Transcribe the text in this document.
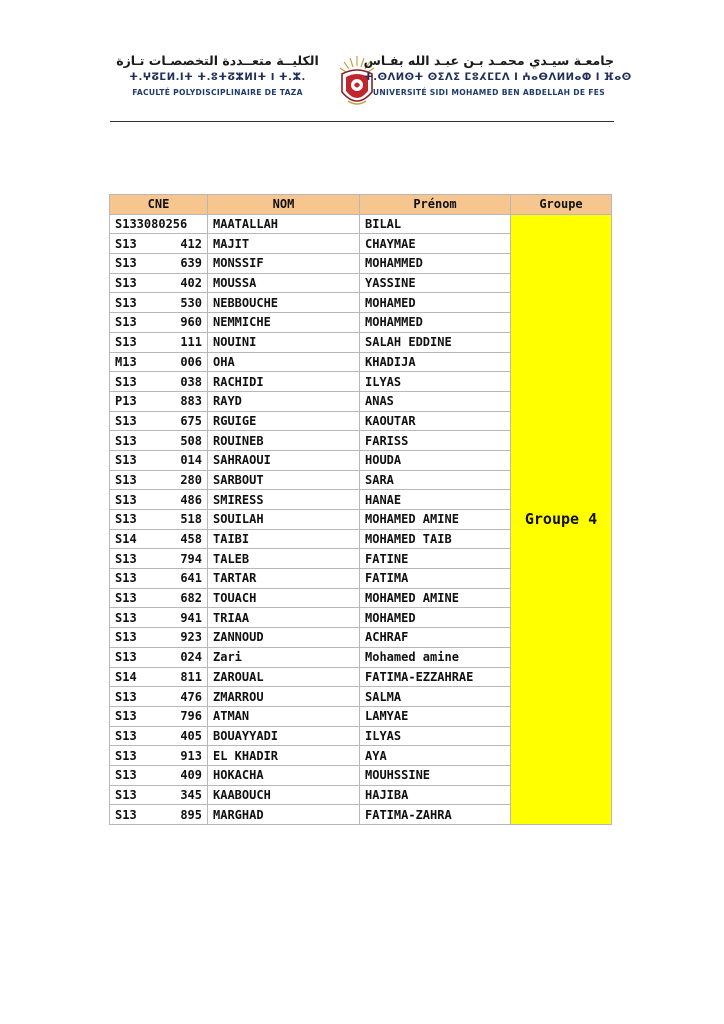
الكليــة متعــددة التخصصـات تـازة
ⵜ.ⵖⵒⵎⵍ.ⵏⵜ ⵜ.ⵓⵜⵒⵣⵍⵏⵜ Ⅰ ⵜ.ⵣ.
FACULTÉ POLYDISCIPLINAIRE DE TAZA
جامعـة سيـدي محمـد بـن عبـد الله بفـاس
ⵜ.ⵙⴷⵍⵙⵜ ⵙⵉⴷⵉ ⵎⵓⵃⵎⵎⴷ ⵏ ⵄⴰⴱⴷⵍⵍⴰⵀ ⵏ ⴼⴰⵙ
UNIVERSITÉ SIDI MOHAMED BEN ABDELLAH DE FES
CNE	NOM	Prénom	Groupe

S133080256	MAATALLAH	BILAL	Groupe 4

S13 412	MAJIT	CHAYMAE	

S13 639	MONSSIF	MOHAMMED	

S13 402	MOUSSA	YASSINE	

S13 530	NEBBOUCHE	MOHAMED	

S13 960	NEMMICHE	MOHAMMED	

S13 111	NOUINI	SALAH EDDINE	

M13 006	OHA	KHADIJA	

S13 038	RACHIDI	ILYAS	

P13 883	RAYD	ANAS	

S13 675	RGUIGE	KAOUTAR	

S13 508	ROUINEB	FARISS	

S13 014	SAHRAOUI	HOUDA	

S13 280	SARBOUT	SARA	

S13 486	SMIRESS	HANAE	

S13 518	SOUILAH	MOHAMED AMINE	

S14 458	TAIBI	MOHAMED TAIB	

S13 794	TALEB	FATINE	

S13 641	TARTAR	FATIMA	

S13 682	TOUACH	MOHAMED AMINE	

S13 941	TRIAA	MOHAMED	

S13 923	ZANNOUD	ACHRAF	

S13 024	Zari	Mohamed amine	

S14 811	ZAROUAL	FATIMA-EZZAHRAE	

S13 476	ZMARROU	SALMA	

S13 796	ATMAN	LAMYAE	

S13 405	BOUAYYADI	ILYAS	

S13 913	EL KHADIR	AYA	

S13 409	HOKACHA	MOUHSSINE	

S13 345	KAABOUCH	HAJIBA	

S13 895	MARGHAD	FATIMA-ZAHRA	
